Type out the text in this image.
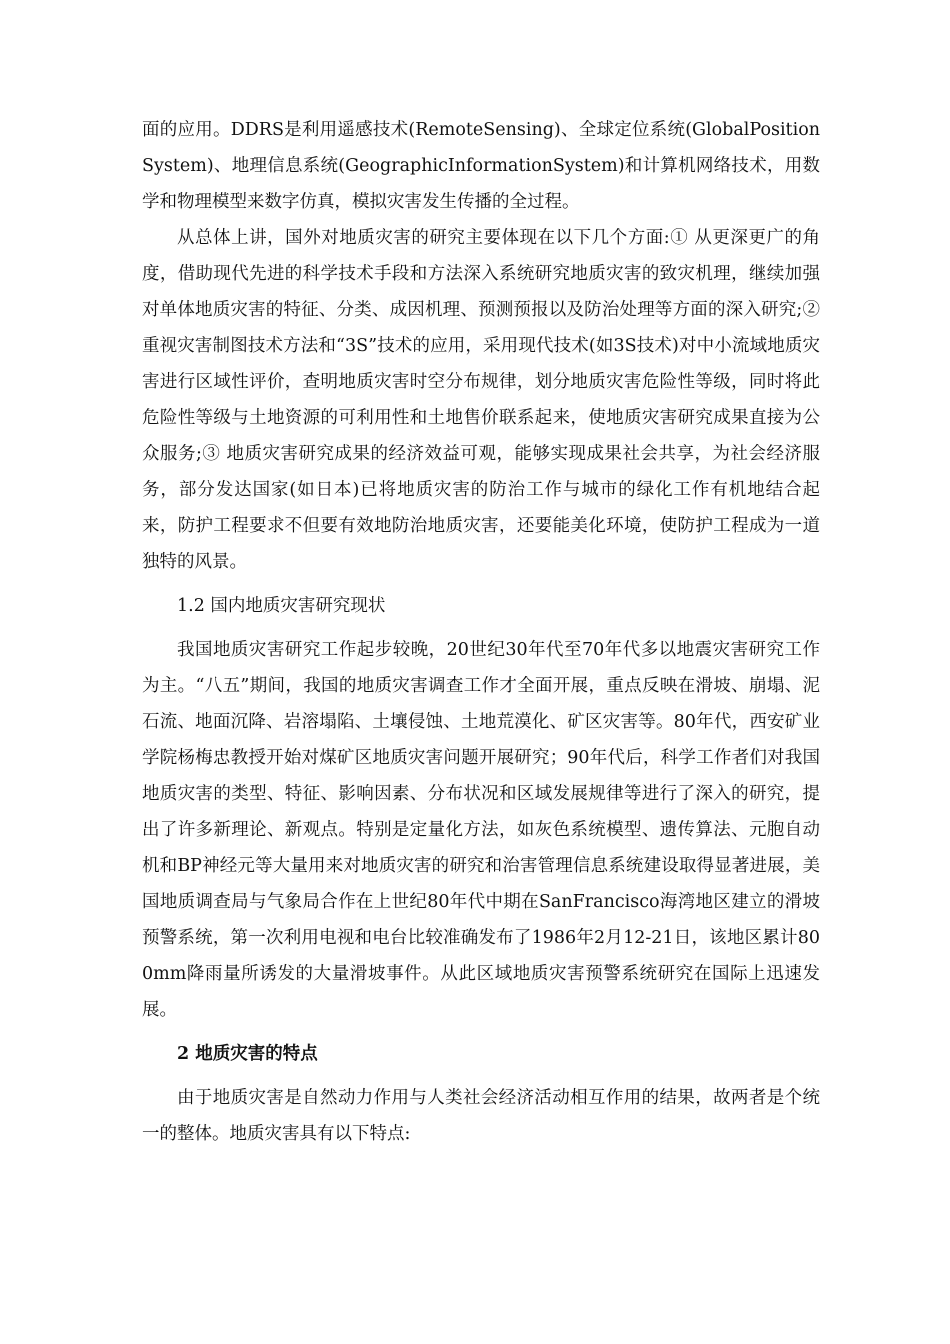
面的应用。DDRS是利用遥感技术(RemoteSensing)、全球定位系统(GlobalPositionSystem)、地理信息系统(GeographicInformationSystem)和计算机网络技术，用数学和物理模型来数字仿真，模拟灾害发生传播的全过程。

从总体上讲，国外对地质灾害的研究主要体现在以下几个方面:① 从更深更广的角度，借助现代先进的科学技术手段和方法深入系统研究地质灾害的致灾机理，继续加强对单体地质灾害的特征、分类、成因机理、预测预报以及防治处理等方面的深入研究;② 重视灾害制图技术方法和“3S”技术的应用，采用现代技术(如3S技术)对中小流域地质灾害进行区域性评价，查明地质灾害时空分布规律，划分地质灾害危险性等级，同时将此危险性等级与土地资源的可利用性和土地售价联系起来，使地质灾害研究成果直接为公众服务;③ 地质灾害研究成果的经济效益可观，能够实现成果社会共享，为社会经济服务，部分发达国家(如日本)已将地质灾害的防治工作与城市的绿化工作有机地结合起来，防护工程要求不但要有效地防治地质灾害，还要能美化环境，使防护工程成为一道独特的风景。

1.2 国内地质灾害研究现状

我国地质灾害研究工作起步较晚，20世纪30年代至70年代多以地震灾害研究工作为主。“八五”期间，我国的地质灾害调查工作才全面开展，重点反映在滑坡、崩塌、泥石流、地面沉降、岩溶塌陷、土壤侵蚀、土地荒漠化、矿区灾害等。80年代，西安矿业学院杨梅忠教授开始对煤矿区地质灾害问题开展研究；90年代后，科学工作者们对我国地质灾害的类型、特征、影响因素、分布状况和区域发展规律等进行了深入的研究，提出了许多新理论、新观点。特别是定量化方法，如灰色系统模型、遗传算法、元胞自动机和BP神经元等大量用来对地质灾害的研究和治害管理信息系统建设取得显著进展，美国地质调查局与气象局合作在上世纪80年代中期在SanFrancisco海湾地区建立的滑坡预警系统，第一次利用电视和电台比较准确发布了1986年2月12-21日，该地区累计800mm降雨量所诱发的大量滑坡事件。从此区域地质灾害预警系统研究在国际上迅速发展。

2 地质灾害的特点

由于地质灾害是自然动力作用与人类社会经济活动相互作用的结果，故两者是个统一的整体。地质灾害具有以下特点:
